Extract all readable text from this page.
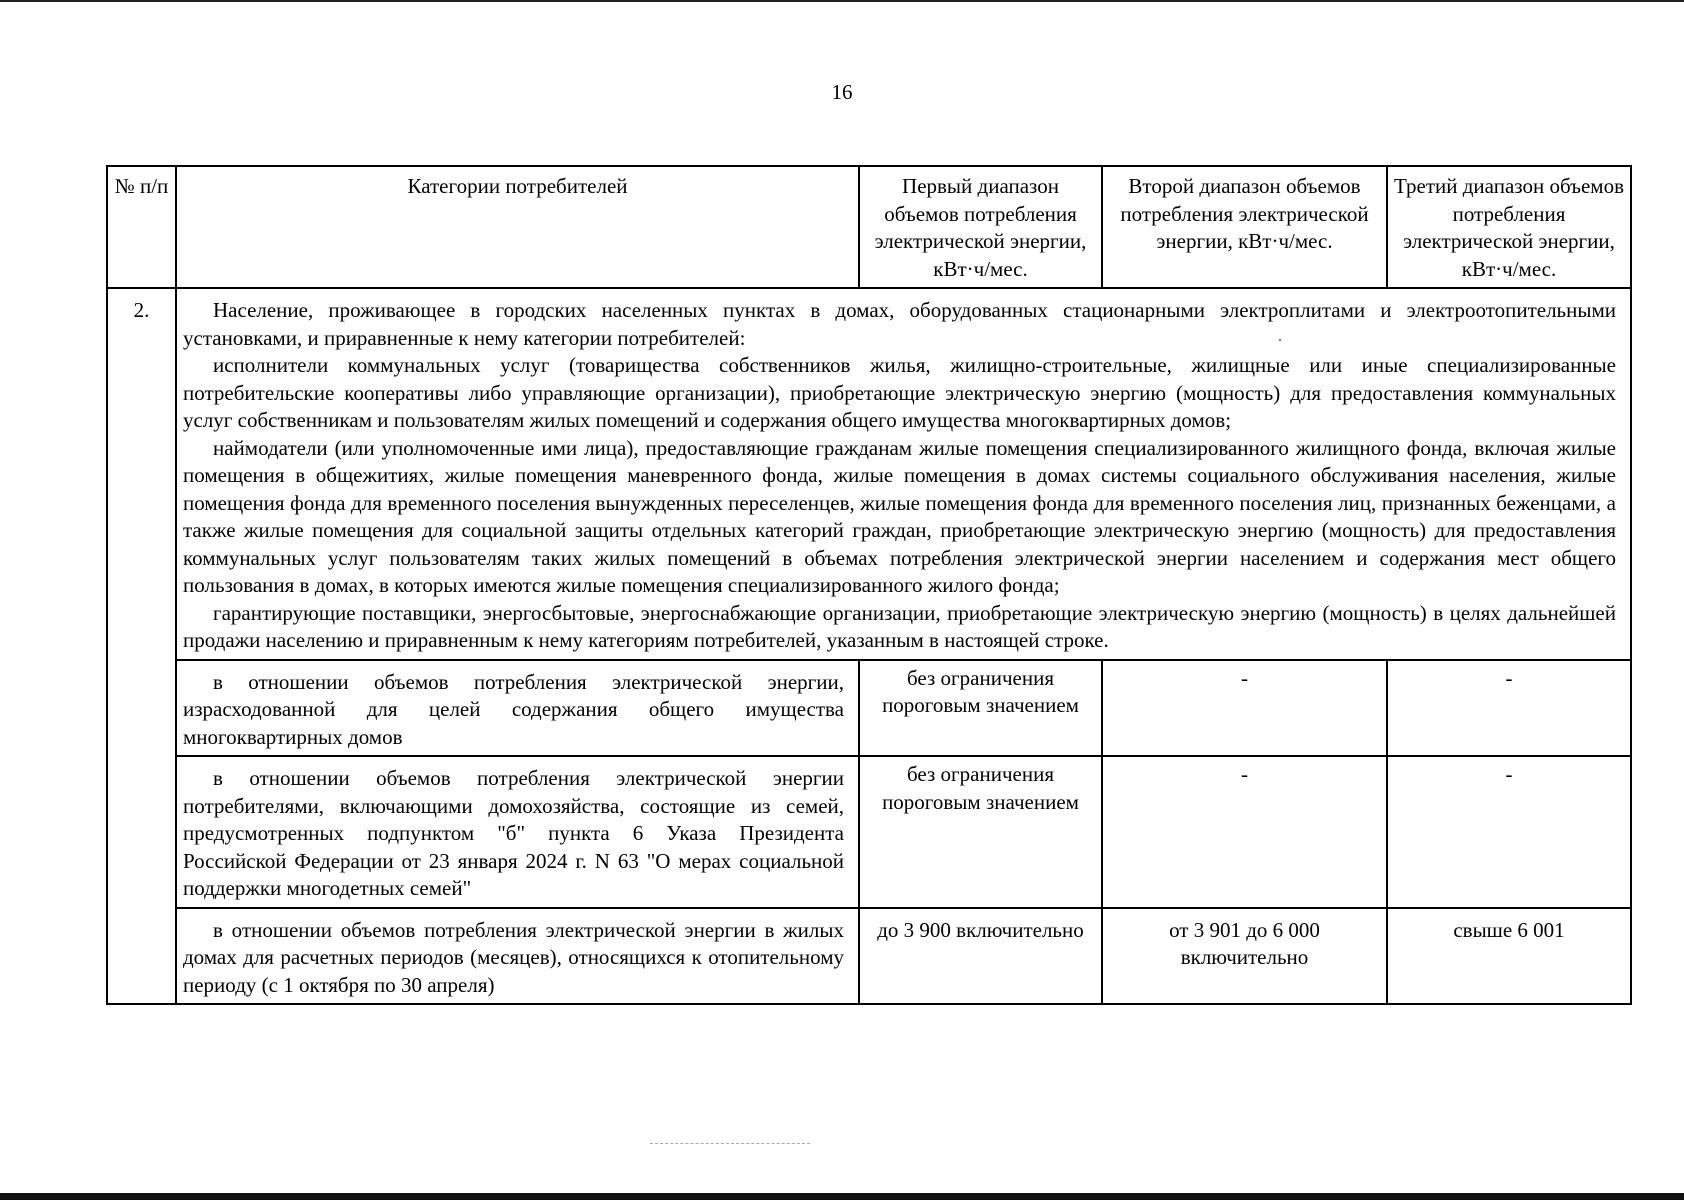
16
№ п/п	Категории потребителей	Первый диапазон объемов потребления электрической энергии, кВт·ч/мес.	Второй диапазон объемов потребления электрической энергии, кВт·ч/мес.	Третий диапазон объемов потребления электрической энергии, кВт·ч/мес.
2.	Население, проживающее в городских населенных пунктах в домах, оборудованных стационарными электроплитами и электроотопительными установками, и приравненные к нему категории потребителей:

исполнители коммунальных услуг (товарищества собственников жилья, жилищно-строительные, жилищные или иные специализированные потребительские кооперативы либо управляющие организации), приобретающие электрическую энергию (мощность) для предоставления коммунальных услуг собственникам и пользователям жилых помещений и содержания общего имущества многоквартирных домов;

наймодатели (или уполномоченные ими лица), предоставляющие гражданам жилые помещения специализированного жилищного фонда, включая жилые помещения в общежитиях, жилые помещения маневренного фонда, жилые помещения в домах системы социального обслуживания населения, жилые помещения фонда для временного поселения вынужденных переселенцев, жилые помещения фонда для временного поселения лиц, признанных беженцами, а также жилые помещения для социальной защиты отдельных категорий граждан, приобретающие электрическую энергию (мощность) для предоставления коммунальных услуг пользователям таких жилых помещений в объемах потребления электрической энергии населением и содержания мест общего пользования в домах, в которых имеются жилые помещения специализированного жилого фонда;

гарантирующие поставщики, энергосбытовые, энергоснабжающие организации, приобретающие электрическую энергию (мощность) в целях дальнейшей продажи населению и приравненным к нему категориям потребителей, указанным в настоящей строке.			

	в отношении объемов потребления электрической энергии, израсходованной для целей содержания общего имущества многоквартирных домов	без ограничения пороговым значением	-	-

	в отношении объемов потребления электрической энергии потребителями, включающими домохозяйства, состоящие из семей, предусмотренных подпунктом "б" пункта 6 Указа Президента Российской Федерации от 23 января 2024 г. N 63 "О мерах социальной поддержки многодетных семей"	без ограничения пороговым значением	-	-

	в отношении объемов потребления электрической энергии в жилых домах для расчетных периодов (месяцев), относящихся к отопительному периоду (с 1 октября по 30 апреля)	до 3 900 включительно	от 3 901 до 6 000 включительно	свыше 6 001
